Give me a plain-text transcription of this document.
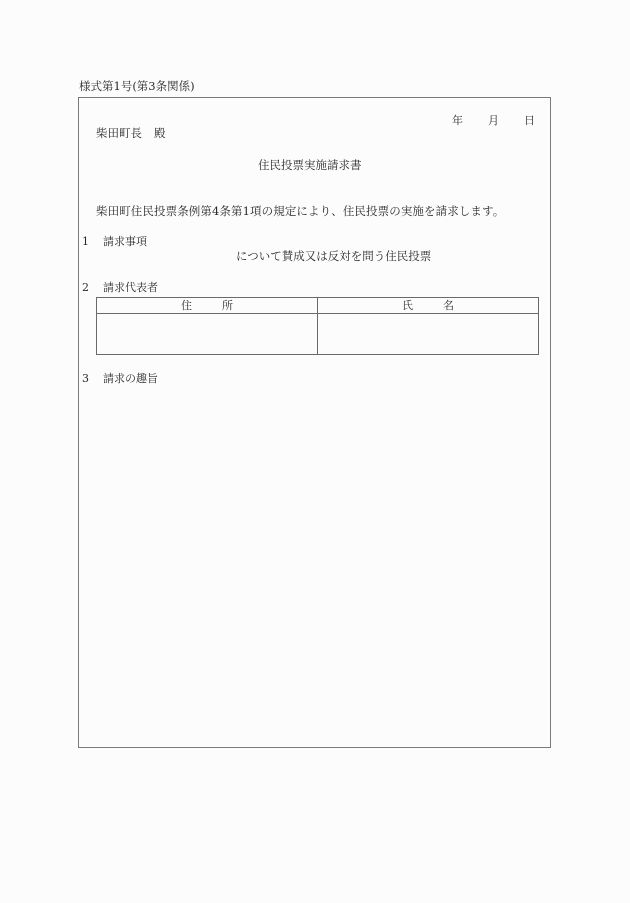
様式第1号(第3条関係)
年 月 日
柴田町長 殿
住民投票実施請求書
柴田町住民投票条例第4条第1項の規定により、住民投票の実施を請求します。
1 請求事項
について賛成又は反対を問う住民投票
2 請求代表者
住 所	氏 名

3 請求の趣旨
